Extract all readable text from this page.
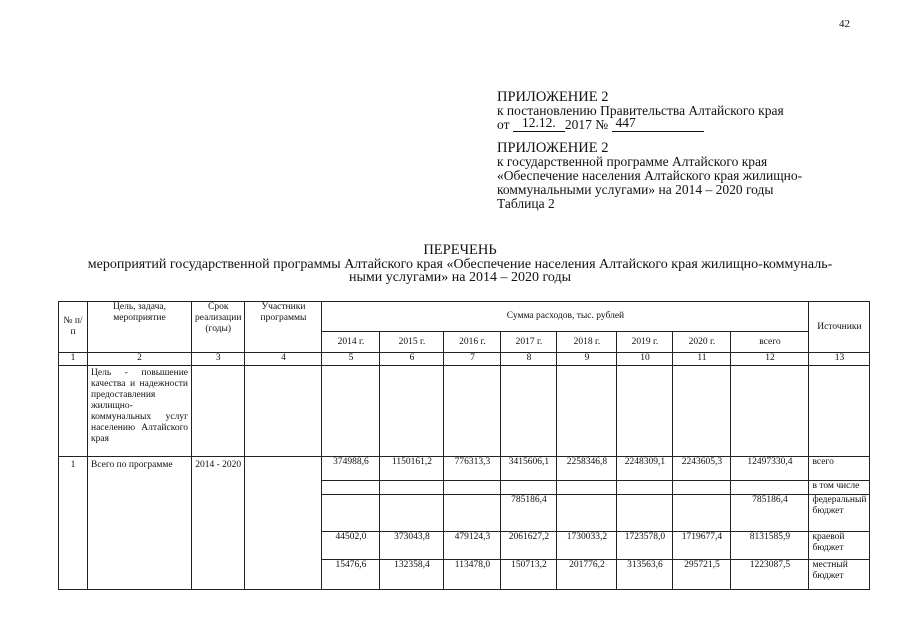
42
ПРИЛОЖЕНИЕ 2
к постановлению Правительства Алтайского края
от 12.12. 2017 № 447
ПРИЛОЖЕНИЕ 2
к государственной программе Алтайского края
«Обеспечение населения Алтайского края жилищно-
коммунальными услугами» на 2014 – 2020 годы
Таблица 2
ПЕРЕЧЕНЬ
мероприятий государственной программы Алтайского края «Обеспечение населения Алтайского края жилищно-коммуналь-
ными услугами» на 2014 – 2020 годы
№ п/п	Цель, задача, мероприятие	Срок реализации (годы)	Участники программы	Сумма расходов, тыс. рублей								Источники
				2014 г.	2015 г.	2016 г.	2017 г.	2018 г.	2019 г.	2020 г.	всего	
1	2	3	4	5	6	7	8	9	10	11	12	13
	Цель - повышение качества и надежности предоставления жилищно-коммунальных услуг населению Алтайского края											
1	Всего по программе	2014 - 2020		374988,6	1150161,2	776313,3	3415606,1	2258346,8	2248309,1	2243605,3	12497330,4	всего
												в том числе
							785186,4				785186,4	федеральный бюджет
				44502,0	373043,8	479124,3	2061627,2	1730033,2	1723578,0	1719677,4	8131585,9	краевой бюджет
				15476,6	132358,4	113478,0	150713,2	201776,2	313563,6	295721,5	1223087,5	местный бюджет
